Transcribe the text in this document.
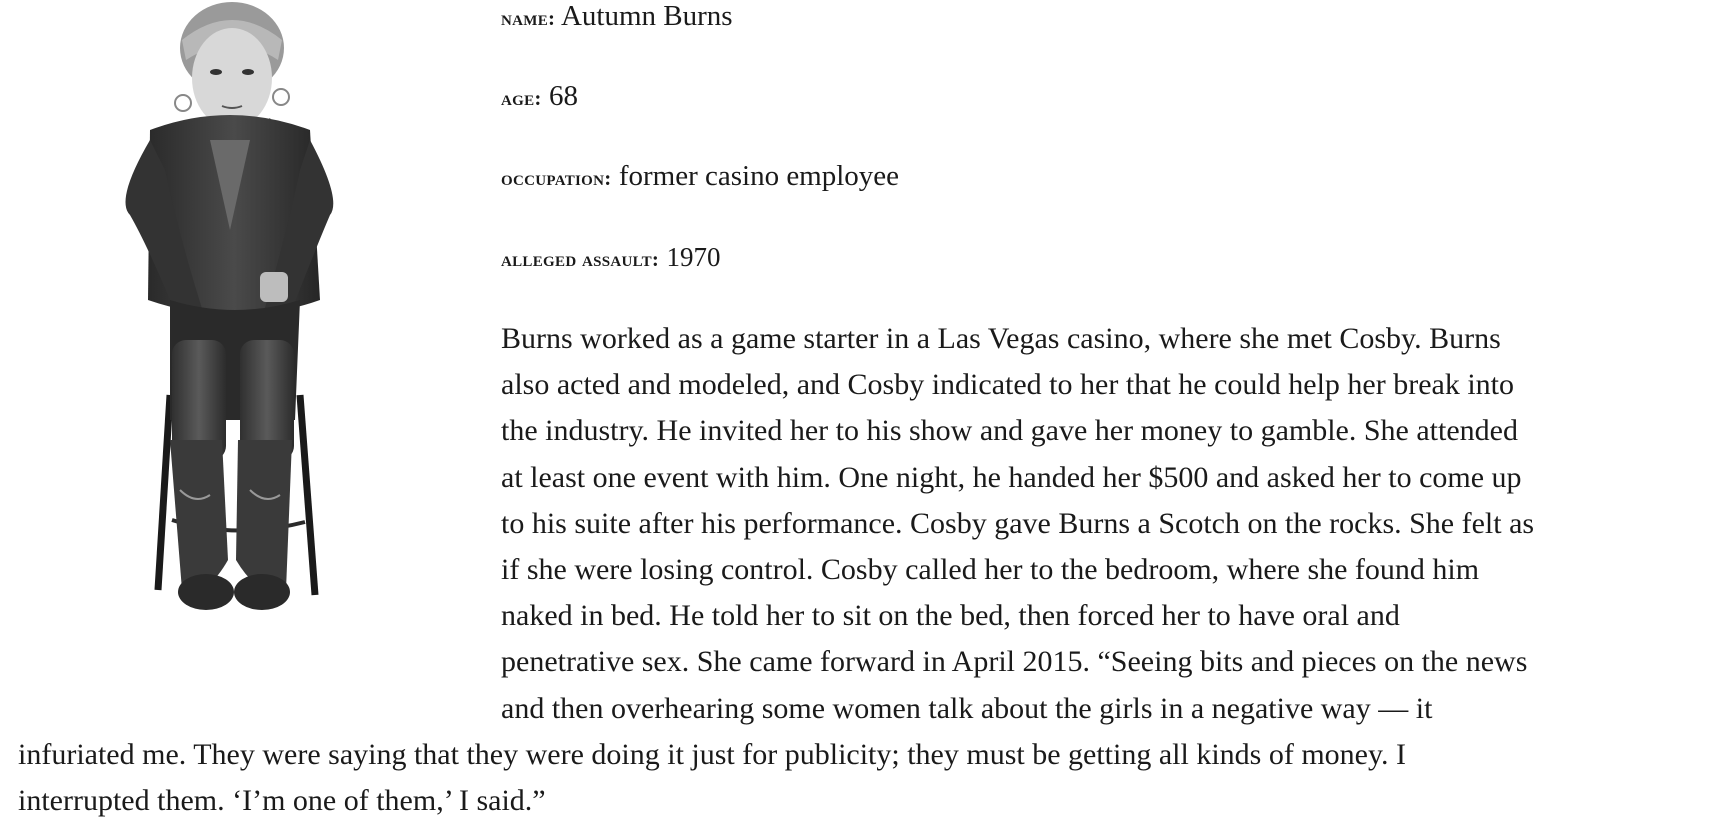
name: Autumn Burns
age: 68
occupation: former casino employee
alleged assault: 1970
Burns worked as a game starter in a Las Vegas casino, where she met Cosby. Burns
also acted and modeled, and Cosby indicated to her that he could help her break into
the industry. He invited her to his show and gave her money to gamble. She attended
at least one event with him. One night, he handed her $500 and asked her to come up
to his suite after his performance. Cosby gave Burns a Scotch on the rocks. She felt as
if she were losing control. Cosby called her to the bedroom, where she found him
naked in bed. He told her to sit on the bed, then forced her to have oral and
penetrative sex. She came forward in April 2015. “Seeing bits and pieces on the news
and then overhearing some women talk about the girls in a negative way — it
infuriated me. They were saying that they were doing it just for publicity; they must be getting all kinds of money. I
interrupted them. ‘I’m one of them,’ I said.”
